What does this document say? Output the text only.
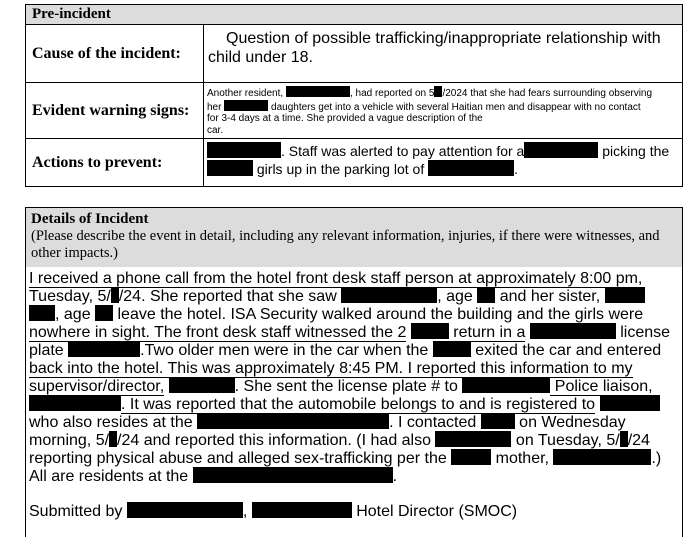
Pre-incident
Cause of the incident:
Question of possible trafficking/inappropriate relationship with child under 18.
Evident warning signs:
Another resident,	, had reported on 5 /2024 that she had fears surrounding observing
her	daughters get into a vehicle with several Haitian men and disappear with no contact
for 3-4 days at a time. She provided a vague description of the
car.
Actions to prevent:
. Staff was alerted to pay attention for a	picking the
girls up in the parking lot of	.
Details of Incident
(Please describe the event in detail, including any relevant information, injuries, if there were witnesses, and other impacts.)
I received a phone call from the hotel front desk staff person at approximately 8:00 pm,
Tuesday, 5/ /24. She reported that she saw	, age  and her sister,
, age  leave the hotel. ISA Security walked around the building and the girls were
nowhere in sight. The front desk staff witnessed the 2	return in a	license
plate	.Two older men were in the car when the	exited the car and entered
back into the hotel. This was approximately 8:45 PM. I reported this information to my
supervisor/director,	. She sent the license plate # to	Police liaison,
. It was reported that the automobile belongs to and is registered to
who also resides at the	. I contacted  on Wednesday
morning, 5/ /24 and reported this information. (I had also	on Tuesday, 5/ /24
reporting physical abuse and alleged sex-trafficking per the	mother,	.)
All are residents at the	.
Submitted by	,	Hotel Director (SMOC)
